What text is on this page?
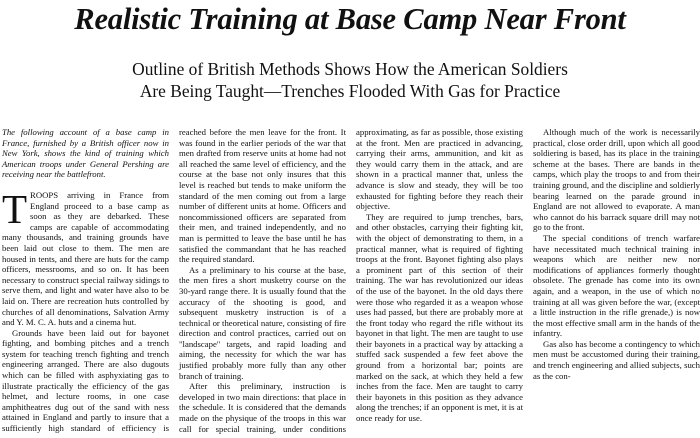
Realistic Training at Base Camp Near Front
Outline of British Methods Shows How the American Soldiers
Are Being Taught—Trenches Flooded With Gas for Practice

The following account of a base camp in France, furnished by a British officer now in New York, shows the kind of training which American troops under General Pershing are receiving near the battlefront.

TROOPS arriving in France from England proceed to a base camp as soon as they are debarked. These camps are capable of accommodating many thousands, and training grounds have been laid out close to them. The men are housed in tents, and there are huts for the camp officers, messrooms, and so on. It has been necessary to construct special railway sidings to serve them, and light and water have also to be laid on. There are recreation huts controlled by churches of all denominations, Salvation Army and Y. M. C. A. huts and a cinema hut.

Grounds have been laid out for bayonet fighting, and bombing pitches and a trench system for teaching trench fighting and trench engineering arranged. There are also dugouts which can be filled with asphyxiating gas to illustrate practically the efficiency of the gas helmet, and lecture rooms, in one case amphitheatres dug out of the sand with ness attained in England and partly to insure that a sufficiently high standard of efficiency is reached before the men leave for the front. It was found in the earlier periods of the war that men drafted from reserve units at home had not all reached the same level of efficiency, and the course at the base not only insures that this level is reached but tends to make uniform the standard of the men coming out from a large number of different units at home. Officers and noncommissioned officers are separated from their men, and trained independently, and no man is permitted to leave the base until he has satisfied the commandant that he has reached the required standard.

As a preliminary to his course at the base, the men fires a short musketry course on the 30-yard range there. It is usually found that the accuracy of the shooting is good, and subsequent musketry instruction is of a technical or theoretical nature, consisting of fire direction and control practices, carried out on "landscape" targets, and rapid loading and aiming, the necessity for which the war has justified probably more fully than any other branch of training.

After this preliminary, instruction is developed in two main directions: that place in the schedule. It is considered that the demands made on the physique of the troops in this war call for special training, under conditions approximating, as far as possible, those existing at the front. Men are practiced in advancing, carrying their arms, ammunition, and kit as they would carry them in the attack, and are shown in a practical manner that, unless the advance is slow and steady, they will be too exhausted for fighting before they reach their objective.

They are required to jump trenches, bars, and other obstacles, carrying their fighting kit, with the object of demonstrating to them, in a practical manner, what is required of fighting troops at the front. Bayonet fighting also plays a prominent part of this section of their training. The war has revolutionized our ideas of the use of the bayonet. In the old days there were those who regarded it as a weapon whose uses had passed, but there are probably more at the front today who regard the rifle without its bayonet in that light. The men are taught to use their bayonets in a practical way by attacking a stuffed sack suspended a few feet above the ground from a horizontal bar; points are marked on the sack, at which they held a few inches from the face. Men are taught to carry their bayonets in this position as they advance along the trenches; if an opponent is met, it is at once ready for use.

Although much of the work is necessarily practical, close order drill, upon which all good soldiering is based, has its place in the training scheme at the bases. There are bands in the camps, which play the troops to and from their training ground, and the discipline and soldierly bearing learned on the parade ground in England are not allowed to evaporate. A man who cannot do his barrack square drill may not go to the front.

The special conditions of trench warfare have necessitated much technical training in weapons which are neither new nor modifications of appliances formerly thought obsolete. The grenade has come into its own again, and a weapon, in the use of which no training at all was given before the war, (except a little instruction in the rifle grenade,) is now the most effective small arm in the hands of the infantry.

Gas also has become a contingency to which men must be accustomed during their training, and trench engineering and allied subjects, such as the con-
